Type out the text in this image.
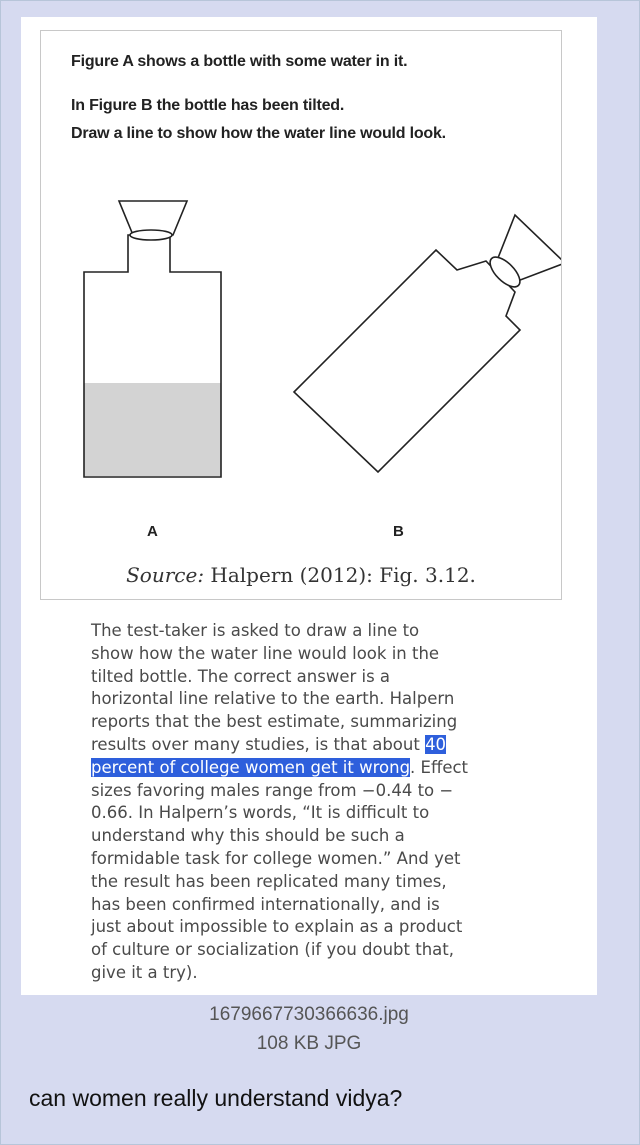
Figure A shows a bottle with some water in it.
In Figure B the bottle has been tilted.
Draw a line to show how the water line would look.
A	B
Source: Halpern (2012): Fig. 3.12.
The test-taker is asked to draw a line to
show how the water line would look in the
tilted bottle. The correct answer is a
horizontal line relative to the earth. Halpern
reports that the best estimate, summarizing
results over many studies, is that about 40
percent of college women get it wrong. Effect
sizes favoring males range from −0.44 to −
0.66. In Halpern’s words, “It is difficult to
understand why this should be such a
formidable task for college women.” And yet
the result has been replicated many times,
has been confirmed internationally, and is
just about impossible to explain as a product
of culture or socialization (if you doubt that,
give it a try).
1679667730366636.jpg
108 KB JPG
can women really understand vidya?
